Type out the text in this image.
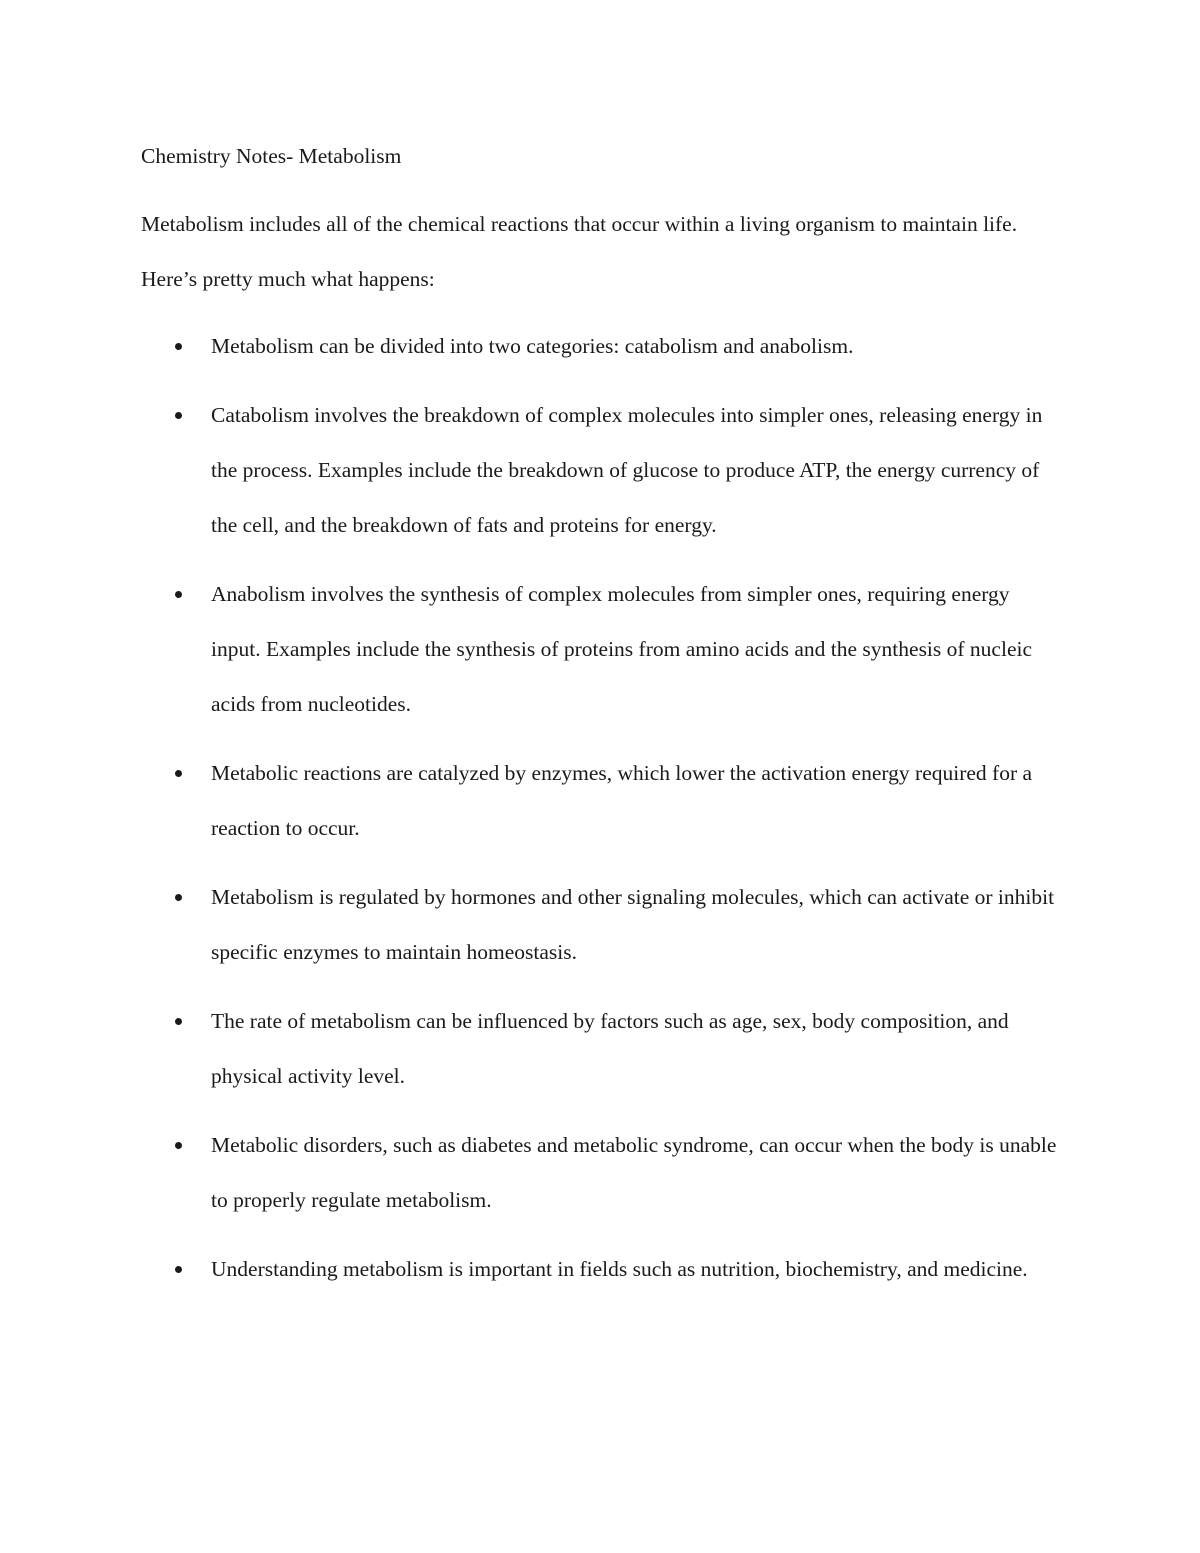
Chemistry Notes- Metabolism

Metabolism includes all of the chemical reactions that occur within a living organism to maintain life. Here’s pretty much what happens:

Metabolism can be divided into two categories: catabolism and anabolism.
Catabolism involves the breakdown of complex molecules into simpler ones, releasing energy in the process. Examples include the breakdown of glucose to produce ATP, the energy currency of the cell, and the breakdown of fats and proteins for energy.
Anabolism involves the synthesis of complex molecules from simpler ones, requiring energy input. Examples include the synthesis of proteins from amino acids and the synthesis of nucleic acids from nucleotides.
Metabolic reactions are catalyzed by enzymes, which lower the activation energy required for a reaction to occur.
Metabolism is regulated by hormones and other signaling molecules, which can activate or inhibit specific enzymes to maintain homeostasis.
The rate of metabolism can be influenced by factors such as age, sex, body composition, and physical activity level.
Metabolic disorders, such as diabetes and metabolic syndrome, can occur when the body is unable to properly regulate metabolism.
Understanding metabolism is important in fields such as nutrition, biochemistry, and medicine.
